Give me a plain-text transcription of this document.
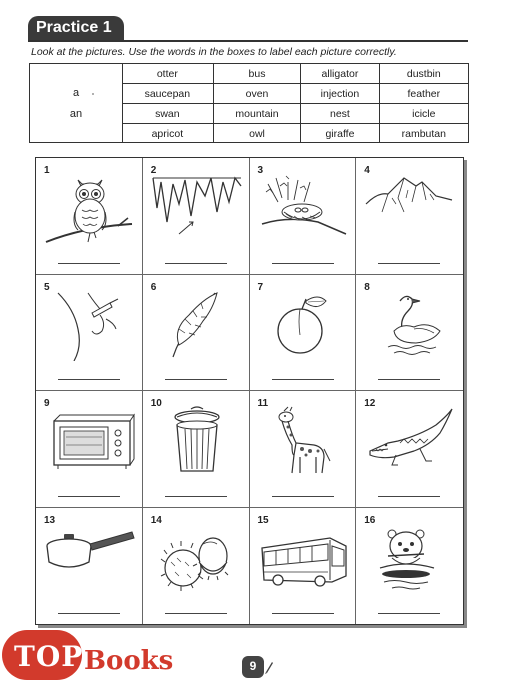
Practice 1
Look at the pictures. Use the words in the boxes to label each picture correctly.
a
an
otter	bus	alligator	dustbin
saucepan	oven	injection	feather
swan	mountain	nest	icicle
apricot	owl	giraffe	rambutan
1	2	3	4
5	6	7	8
9	10	11	12
13	14	15	16
TOP Books	9
